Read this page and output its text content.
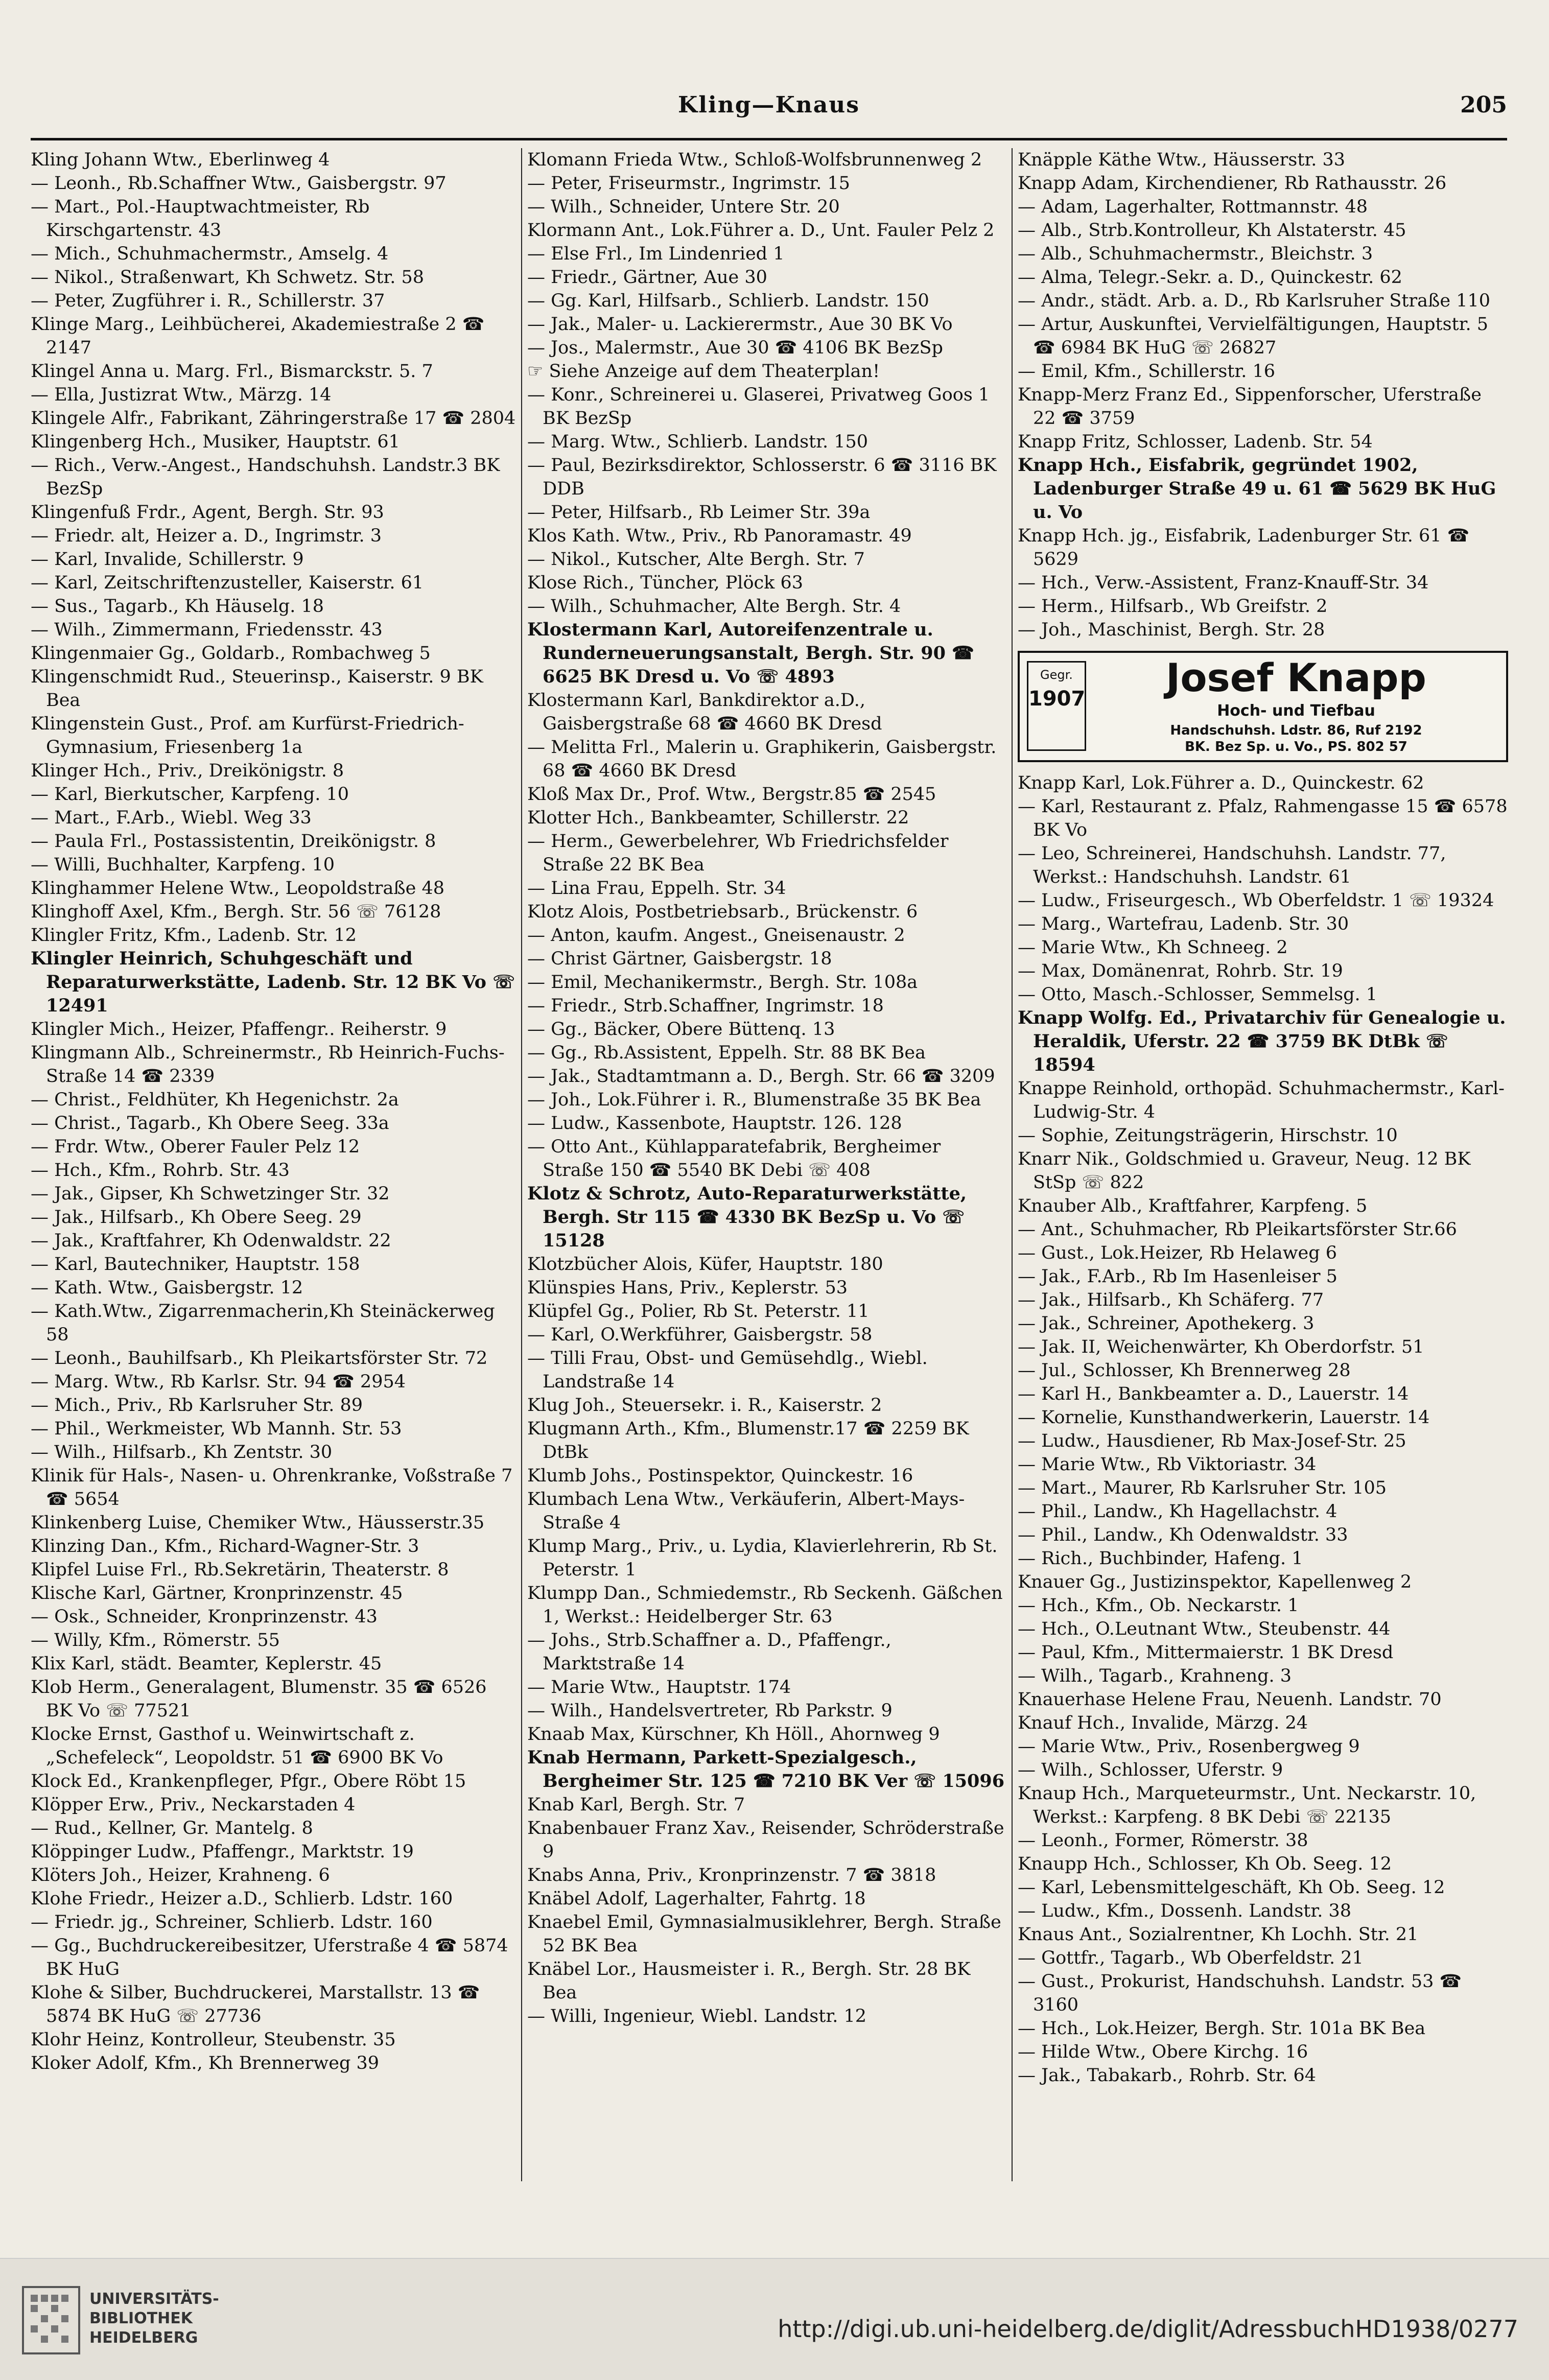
Kling—Knaus	205

Kling Johann Wtw., Eberlinweg 4

— Leonh., Rb.Schaffner Wtw., Gaisbergstr. 97

— Mart., Pol.-Hauptwachtmeister, Rb Kirschgartenstr. 43

— Mich., Schuhmachermstr., Amselg. 4

— Nikol., Straßenwart, Kh Schwetz. Str. 58

— Peter, Zugführer i. R., Schillerstr. 37

Klinge Marg., Leihbücherei, Akademiestraße 2 ☎ 2147

Klingel Anna u. Marg. Frl., Bismarckstr. 5. 7

— Ella, Justizrat Wtw., Märzg. 14

Klingele Alfr., Fabrikant, Zähringerstraße 17 ☎ 2804

Klingenberg Hch., Musiker, Hauptstr. 61

— Rich., Verw.-Angest., Handschuhsh. Landstr.3 BK BezSp

Klingenfuß Frdr., Agent, Bergh. Str. 93

— Friedr. alt, Heizer a. D., Ingrimstr. 3

— Karl, Invalide, Schillerstr. 9

— Karl, Zeitschriftenzusteller, Kaiserstr. 61

— Sus., Tagarb., Kh Häuselg. 18

— Wilh., Zimmermann, Friedensstr. 43

Klingenmaier Gg., Goldarb., Rombachweg 5

Klingenschmidt Rud., Steuerinsp., Kaiserstr. 9 BK Bea

Klingenstein Gust., Prof. am Kurfürst-Friedrich-Gymnasium, Friesenberg 1a

Klinger Hch., Priv., Dreikönigstr. 8

— Karl, Bierkutscher, Karpfeng. 10

— Mart., F.Arb., Wiebl. Weg 33

— Paula Frl., Postassistentin, Dreikönigstr. 8

— Willi, Buchhalter, Karpfeng. 10

Klinghammer Helene Wtw., Leopoldstraße 48

Klinghoff Axel, Kfm., Bergh. Str. 56 ☏ 76128

Klingler Fritz, Kfm., Ladenb. Str. 12

Klingler Heinrich, Schuhgeschäft und Reparaturwerkstätte, Ladenb. Str. 12 BK Vo ☏ 12491

Klingler Mich., Heizer, Pfaffengr.. Reiherstr. 9

Klingmann Alb., Schreinermstr., Rb Heinrich-Fuchs-Straße 14 ☎ 2339

— Christ., Feldhüter, Kh Hegenichstr. 2a

— Christ., Tagarb., Kh Obere Seeg. 33a

— Frdr. Wtw., Oberer Fauler Pelz 12

— Hch., Kfm., Rohrb. Str. 43

— Jak., Gipser, Kh Schwetzinger Str. 32

— Jak., Hilfsarb., Kh Obere Seeg. 29

— Jak., Kraftfahrer, Kh Odenwaldstr. 22

— Karl, Bautechniker, Hauptstr. 158

— Kath. Wtw., Gaisbergstr. 12

— Kath.Wtw., Zigarrenmacherin,Kh Steinäckerweg 58

— Leonh., Bauhilfsarb., Kh Pleikartsförster Str. 72

— Marg. Wtw., Rb Karlsr. Str. 94 ☎ 2954

— Mich., Priv., Rb Karlsruher Str. 89

— Phil., Werkmeister, Wb Mannh. Str. 53

— Wilh., Hilfsarb., Kh Zentstr. 30

Klinik für Hals-, Nasen- u. Ohrenkranke, Voßstraße 7 ☎ 5654

Klinkenberg Luise, Chemiker Wtw., Häusserstr.35

Klinzing Dan., Kfm., Richard-Wagner-Str. 3

Klipfel Luise Frl., Rb.Sekretärin, Theaterstr. 8

Klische Karl, Gärtner, Kronprinzenstr. 45

— Osk., Schneider, Kronprinzenstr. 43

— Willy, Kfm., Römerstr. 55

Klix Karl, städt. Beamter, Keplerstr. 45

Klob Herm., Generalagent, Blumenstr. 35 ☎ 6526 BK Vo ☏ 77521

Klocke Ernst, Gasthof u. Weinwirtschaft z. „Schefeleck“, Leopoldstr. 51 ☎ 6900 BK Vo

Klock Ed., Krankenpfleger, Pfgr., Obere Röbt 15

Klöpper Erw., Priv., Neckarstaden 4

— Rud., Kellner, Gr. Mantelg. 8

Klöppinger Ludw., Pfaffengr., Marktstr. 19

Klöters Joh., Heizer, Krahneng. 6

Klohe Friedr., Heizer a.D., Schlierb. Ldstr. 160

— Friedr. jg., Schreiner, Schlierb. Ldstr. 160

— Gg., Buchdruckereibesitzer, Uferstraße 4 ☎ 5874 BK HuG

Klohe & Silber, Buchdruckerei, Marstallstr. 13 ☎ 5874 BK HuG ☏ 27736

Klohr Heinz, Kontrolleur, Steubenstr. 35

Kloker Adolf, Kfm., Kh Brennerweg 39

Klomann Frieda Wtw., Schloß-Wolfsbrunnenweg 2

— Peter, Friseurmstr., Ingrimstr. 15

— Wilh., Schneider, Untere Str. 20

Klormann Ant., Lok.Führer a. D., Unt. Fauler Pelz 2

— Else Frl., Im Lindenried 1

— Friedr., Gärtner, Aue 30

— Gg. Karl, Hilfsarb., Schlierb. Landstr. 150

— Jak., Maler- u. Lackierermstr., Aue 30 BK Vo

— Jos., Malermstr., Aue 30 ☎ 4106 BK BezSp

☞ Siehe Anzeige auf dem Theaterplan!

— Konr., Schreinerei u. Glaserei, Privatweg Goos 1 BK BezSp

— Marg. Wtw., Schlierb. Landstr. 150

— Paul, Bezirksdirektor, Schlosserstr. 6 ☎ 3116 BK DDB

— Peter, Hilfsarb., Rb Leimer Str. 39a

Klos Kath. Wtw., Priv., Rb Panoramastr. 49

— Nikol., Kutscher, Alte Bergh. Str. 7

Klose Rich., Tüncher, Plöck 63

— Wilh., Schuhmacher, Alte Bergh. Str. 4

Klostermann Karl, Autoreifenzentrale u. Runderneuerungsanstalt, Bergh. Str. 90 ☎ 6625 BK Dresd u. Vo ☏ 4893

Klostermann Karl, Bankdirektor a.D., Gaisbergstraße 68 ☎ 4660 BK Dresd

— Melitta Frl., Malerin u. Graphikerin, Gaisbergstr. 68 ☎ 4660 BK Dresd

Kloß Max Dr., Prof. Wtw., Bergstr.85 ☎ 2545

Klotter Hch., Bankbeamter, Schillerstr. 22

— Herm., Gewerbelehrer, Wb Friedrichsfelder Straße 22 BK Bea

— Lina Frau, Eppelh. Str. 34

Klotz Alois, Postbetriebsarb., Brückenstr. 6

— Anton, kaufm. Angest., Gneisenaustr. 2

— Christ Gärtner, Gaisbergstr. 18

— Emil, Mechanikermstr., Bergh. Str. 108a

— Friedr., Strb.Schaffner, Ingrimstr. 18

— Gg., Bäcker, Obere Büttenq. 13

— Gg., Rb.Assistent, Eppelh. Str. 88 BK Bea

— Jak., Stadtamtmann a. D., Bergh. Str. 66 ☎ 3209

— Joh., Lok.Führer i. R., Blumenstraße 35 BK Bea

— Ludw., Kassenbote, Hauptstr. 126. 128

— Otto Ant., Kühlapparatefabrik, Bergheimer Straße 150 ☎ 5540 BK Debi ☏ 408

Klotz & Schrotz, Auto-Reparaturwerkstätte, Bergh. Str 115 ☎ 4330 BK BezSp u. Vo ☏ 15128

Klotzbücher Alois, Küfer, Hauptstr. 180

Klünspies Hans, Priv., Keplerstr. 53

Klüpfel Gg., Polier, Rb St. Peterstr. 11

— Karl, O.Werkführer, Gaisbergstr. 58

— Tilli Frau, Obst- und Gemüsehdlg., Wiebl. Landstraße 14

Klug Joh., Steuersekr. i. R., Kaiserstr. 2

Klugmann Arth., Kfm., Blumenstr.17 ☎ 2259 BK DtBk

Klumb Johs., Postinspektor, Quinckestr. 16

Klumbach Lena Wtw., Verkäuferin, Albert-Mays-Straße 4

Klump Marg., Priv., u. Lydia, Klavierlehrerin, Rb St. Peterstr. 1

Klumpp Dan., Schmiedemstr., Rb Seckenh. Gäßchen 1, Werkst.: Heidelberger Str. 63

— Johs., Strb.Schaffner a. D., Pfaffengr., Marktstraße 14

— Marie Wtw., Hauptstr. 174

— Wilh., Handelsvertreter, Rb Parkstr. 9

Knaab Max, Kürschner, Kh Höll., Ahornweg 9

Knab Hermann, Parkett-Spezialgesch., Bergheimer Str. 125 ☎ 7210 BK Ver ☏ 15096

Knab Karl, Bergh. Str. 7

Knabenbauer Franz Xav., Reisender, Schröderstraße 9

Knabs Anna, Priv., Kronprinzenstr. 7 ☎ 3818

Knäbel Adolf, Lagerhalter, Fahrtg. 18

Knaebel Emil, Gymnasialmusiklehrer, Bergh. Straße 52 BK Bea

Knäbel Lor., Hausmeister i. R., Bergh. Str. 28 BK Bea

— Willi, Ingenieur, Wiebl. Landstr. 12

Knäpple Käthe Wtw., Häusserstr. 33

Knapp Adam, Kirchendiener, Rb Rathausstr. 26

— Adam, Lagerhalter, Rottmannstr. 48

— Alb., Strb.Kontrolleur, Kh Alstaterstr. 45

— Alb., Schuhmachermstr., Bleichstr. 3

— Alma, Telegr.-Sekr. a. D., Quinckestr. 62

— Andr., städt. Arb. a. D., Rb Karlsruher Straße 110

— Artur, Auskunftei, Vervielfältigungen, Hauptstr. 5 ☎ 6984 BK HuG ☏ 26827

— Emil, Kfm., Schillerstr. 16

Knapp-Merz Franz Ed., Sippenforscher, Uferstraße 22 ☎ 3759

Knapp Fritz, Schlosser, Ladenb. Str. 54

Knapp Hch., Eisfabrik, gegründet 1902, Ladenburger Straße 49 u. 61 ☎ 5629 BK HuG u. Vo

Knapp Hch. jg., Eisfabrik, Ladenburger Str. 61 ☎ 5629

— Hch., Verw.-Assistent, Franz-Knauff-Str. 34

— Herm., Hilfsarb., Wb Greifstr. 2

— Joh., Maschinist, Bergh. Str. 28

Gegr.
1907	Josef Knapp
Hoch- und Tiefbau
Handschuhsh. Ldstr. 86, Ruf 2192
BK. Bez Sp. u. Vo., PS. 802 57

Knapp Karl, Lok.Führer a. D., Quinckestr. 62

— Karl, Restaurant z. Pfalz, Rahmengasse 15 ☎ 6578 BK Vo

— Leo, Schreinerei, Handschuhsh. Landstr. 77, Werkst.: Handschuhsh. Landstr. 61

— Ludw., Friseurgesch., Wb Oberfeldstr. 1 ☏ 19324

— Marg., Wartefrau, Ladenb. Str. 30

— Marie Wtw., Kh Schneeg. 2

— Max, Domänenrat, Rohrb. Str. 19

— Otto, Masch.-Schlosser, Semmelsg. 1

Knapp Wolfg. Ed., Privatarchiv für Genealogie u. Heraldik, Uferstr. 22 ☎ 3759 BK DtBk ☏ 18594

Knappe Reinhold, orthopäd. Schuhmachermstr., Karl-Ludwig-Str. 4

— Sophie, Zeitungsträgerin, Hirschstr. 10

Knarr Nik., Goldschmied u. Graveur, Neug. 12 BK StSp ☏ 822

Knauber Alb., Kraftfahrer, Karpfeng. 5

— Ant., Schuhmacher, Rb Pleikartsförster Str.66

— Gust., Lok.Heizer, Rb Helaweg 6

— Jak., F.Arb., Rb Im Hasenleiser 5

— Jak., Hilfsarb., Kh Schäferg. 77

— Jak., Schreiner, Apothekerg. 3

— Jak. II, Weichenwärter, Kh Oberdorfstr. 51

— Jul., Schlosser, Kh Brennerweg 28

— Karl H., Bankbeamter a. D., Lauerstr. 14

— Kornelie, Kunsthandwerkerin, Lauerstr. 14

— Ludw., Hausdiener, Rb Max-Josef-Str. 25

— Marie Wtw., Rb Viktoriastr. 34

— Mart., Maurer, Rb Karlsruher Str. 105

— Phil., Landw., Kh Hagellachstr. 4

— Phil., Landw., Kh Odenwaldstr. 33

— Rich., Buchbinder, Hafeng. 1

Knauer Gg., Justizinspektor, Kapellenweg 2

— Hch., Kfm., Ob. Neckarstr. 1

— Hch., O.Leutnant Wtw., Steubenstr. 44

— Paul, Kfm., Mittermaierstr. 1 BK Dresd

— Wilh., Tagarb., Krahneng. 3

Knauerhase Helene Frau, Neuenh. Landstr. 70

Knauf Hch., Invalide, Märzg. 24

— Marie Wtw., Priv., Rosenbergweg 9

— Wilh., Schlosser, Uferstr. 9

Knaup Hch., Marqueteurmstr., Unt. Neckarstr. 10, Werkst.: Karpfeng. 8 BK Debi ☏ 22135

— Leonh., Former, Römerstr. 38

Knaupp Hch., Schlosser, Kh Ob. Seeg. 12

— Karl, Lebensmittelgeschäft, Kh Ob. Seeg. 12

— Ludw., Kfm., Dossenh. Landstr. 38

Knaus Ant., Sozialrentner, Kh Lochh. Str. 21

— Gottfr., Tagarb., Wb Oberfeldstr. 21

— Gust., Prokurist, Handschuhsh. Landstr. 53 ☎ 3160

— Hch., Lok.Heizer, Bergh. Str. 101a BK Bea

— Hilde Wtw., Obere Kirchg. 16

— Jak., Tabakarb., Rohrb. Str. 64

UNIVERSITÄTS-
BIBLIOTHEK
HEIDELBERG	http://digi.ub.uni-heidelberg.de/diglit/AdressbuchHD1938/0277
